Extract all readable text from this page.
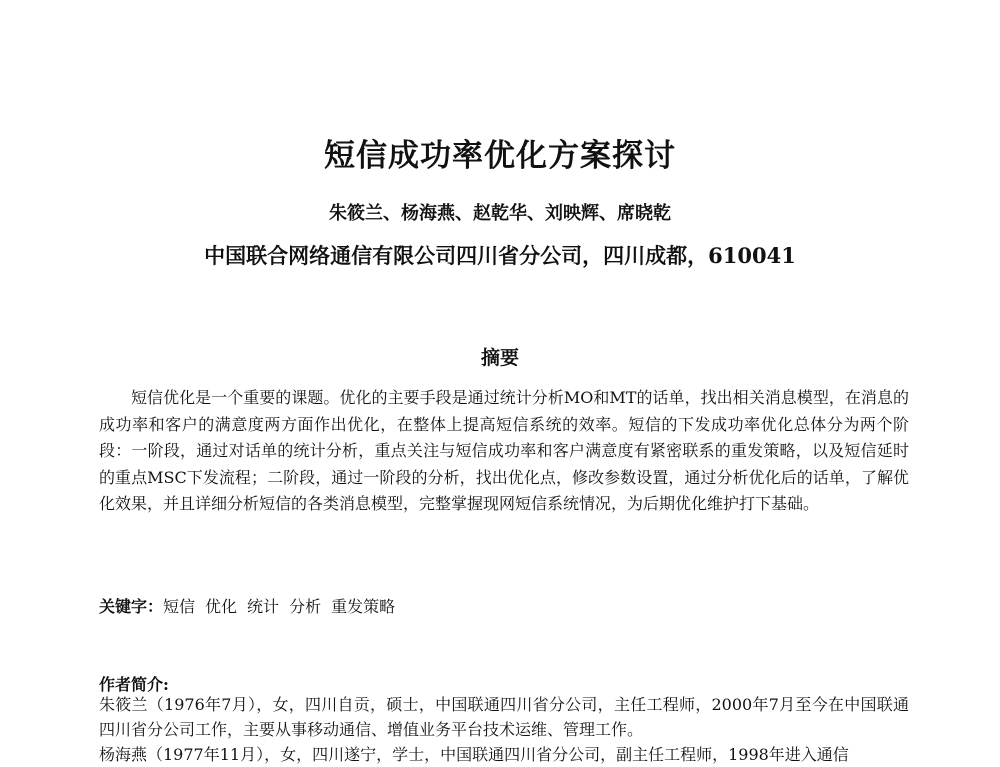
短信成功率优化方案探讨

朱筱兰、杨海燕、赵乾华、刘映辉、席晓乾

中国联合网络通信有限公司四川省分公司，四川成都，610041

摘要

短信优化是一个重要的课题。优化的主要手段是通过统计分析MO和MT的话单，找出相关消息模型，在消息的成功率和客户的满意度两方面作出优化，在整体上提高短信系统的效率。短信的下发成功率优化总体分为两个阶段：一阶段，通过对话单的统计分析，重点关注与短信成功率和客户满意度有紧密联系的重发策略，以及短信延时的重点MSC下发流程；二阶段，通过一阶段的分析，找出优化点，修改参数设置，通过分析优化后的话单，了解优化效果，并且详细分析短信的各类消息模型，完整掌握现网短信系统情况，为后期优化维护打下基础。

关键字：短信 优化 统计 分析 重发策略

作者简介:

朱筱兰（1976年7月），女，四川自贡，硕士，中国联通四川省分公司，主任工程师，2000年7月至今在中国联通四川省分公司工作，主要从事移动通信、增值业务平台技术运维、管理工作。

杨海燕（1977年11月），女，四川遂宁，学士，中国联通四川省分公司，副主任工程师，1998年进入通信
